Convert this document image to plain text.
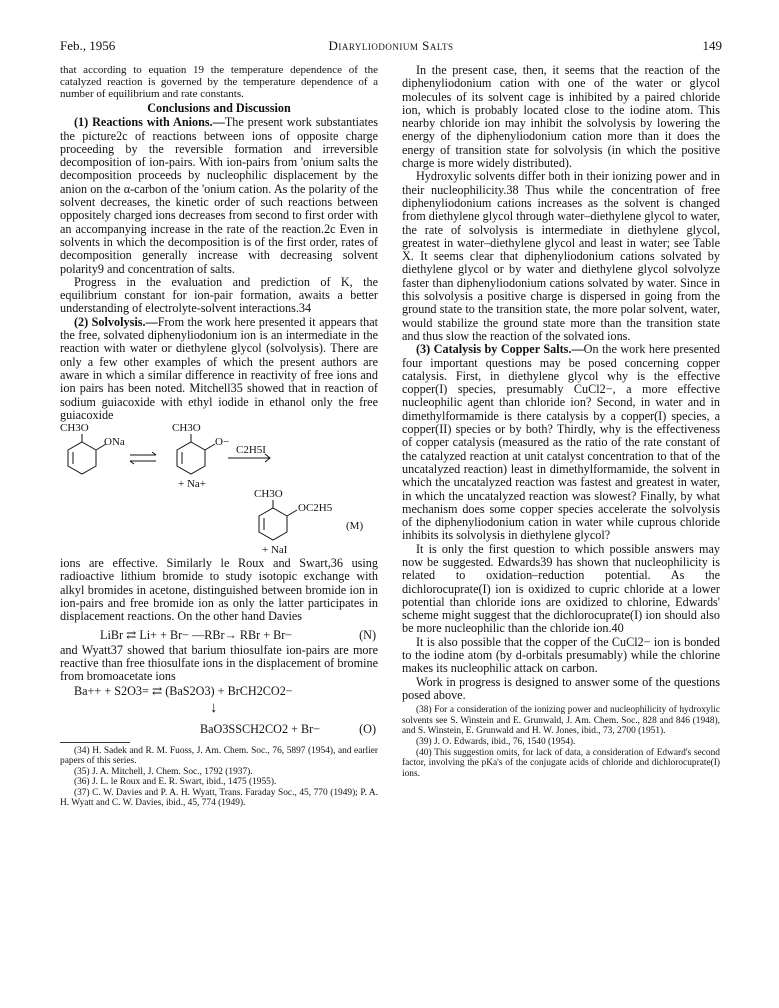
Feb., 1956	Diaryliodonium Salts	149

that according to equation 19 the temperature dependence of the catalyzed reaction is governed by the temperature dependence of a number of equilibrium and rate constants.

Conclusions and Discussion

(1) Reactions with Anions.—The present work substantiates the picture2c of reactions between ions of opposite charge proceeding by the reversible formation and irreversible decomposition of ion-pairs. With ion-pairs from 'onium salts the decomposition proceeds by nucleophilic displacement by the anion on the α-carbon of the 'onium cation. As the polarity of the solvent decreases, the kinetic order of such reactions between oppositely charged ions decreases from second to first order with an accompanying increase in the rate of the reaction.2c Even in solvents in which the decomposition is of the first order, rates of decomposition generally increase with decreasing solvent polarity9 and concentration of salts.

Progress in the evaluation and prediction of K, the equilibrium constant for ion-pair formation, awaits a better understanding of electrolyte-solvent interactions.34

(2) Solvolysis.—From the work here presented it appears that the free, solvated diphenyliodonium ion is an intermediate in the reaction with water or diethylene glycol (solvolysis). There are only a few other examples of which the present authors are aware in which a similar difference in reactivity of free ions and ion pairs has been noted. Mitchell35 showed that in reaction of sodium guiacoxide with ethyl iodide in ethanol only the free guiacoxide

CH3O
ONa
CH3O
O−
C2H5I
+ Na+
CH3O
OC2H5
(M)
+ NaI

ions are effective. Similarly le Roux and Swart,36 using radioactive lithium bromide to study isotopic exchange with alkyl bromides in acetone, distinguished between bromide ion in ion-pairs and free bromide ion as only the latter participates in displacement reactions. On the other hand Davies

LiBr ⇄ Li+ + Br− —RBr→ RBr + Br−	(N)

and Wyatt37 showed that barium thiosulfate ion-pairs are more reactive than free thiosulfate ions in the displacement of bromine from bromoacetate ions

Ba++ + S2O3= ⇄ (BaS2O3) + BrCH2CO2−
↓
BaO3SSCH2CO2 + Br−	(O)

(34) H. Sadek and R. M. Fuoss, J. Am. Chem. Soc., 76, 5897 (1954), and earlier papers of this series.

(35) J. A. Mitchell, J. Chem. Soc., 1792 (1937).

(36) J. L. le Roux and E. R. Swart, ibid., 1475 (1955).

(37) C. W. Davies and P. A. H. Wyatt, Trans. Faraday Soc., 45, 770 (1949); P. A. H. Wyatt and C. W. Davies, ibid., 45, 774 (1949).

In the present case, then, it seems that the reaction of the diphenyliodonium cation with one of the water or glycol molecules of its solvent cage is inhibited by a paired chloride ion, which is probably located close to the iodine atom. This nearby chloride ion may inhibit the solvolysis by lowering the energy of the diphenyliodonium cation more than it does the energy of transition state for solvolysis (in which the positive charge is more widely distributed).

Hydroxylic solvents differ both in their ionizing power and in their nucleophilicity.38 Thus while the concentration of free diphenyliodonium cations increases as the solvent is changed from diethylene glycol through water–diethylene glycol to water, the rate of solvolysis is intermediate in diethylene glycol, greatest in water–diethylene glycol and least in water; see Table X. It seems clear that diphenyliodonium cations solvated by diethylene glycol or by water and diethylene glycol solvolyze faster than diphenyliodonium cations solvated by water. Since in this solvolysis a positive charge is dispersed in going from the ground state to the transition state, the more polar solvent, water, would stabilize the ground state more than the transition state and thus slow the reaction of the solvated ions.

(3) Catalysis by Copper Salts.—On the work here presented four important questions may be posed concerning copper catalysis. First, in diethylene glycol why is the effective copper(I) species, presumably CuCl2−, a more effective nucleophilic agent than chloride ion? Second, in water and in dimethylformamide is there catalysis by a copper(I) species, a copper(II) species or by both? Thirdly, why is the effectiveness of copper catalysis (measured as the ratio of the rate constant of the catalyzed reaction at unit catalyst concentration to that of the uncatalyzed reaction) least in dimethylformamide, the solvent in which the uncatalyzed reaction was fastest and greatest in water, in which the uncatalyzed reaction was slowest? Finally, by what mechanism does some copper species accelerate the solvolysis of the diphenyliodonium cation in water while cuprous chloride inhibits its solvolysis in diethylene glycol?

It is only the first question to which possible answers may now be suggested. Edwards39 has shown that nucleophilicity is related to oxidation–reduction potential. As the dichlorocuprate(I) ion is oxidized to cupric chloride at a lower potential than chloride ions are oxidized to chlorine, Edwards' scheme might suggest that the dichlorocuprate(I) ion should also be more nucleophilic than the chloride ion.40

It is also possible that the copper of the CuCl2− ion is bonded to the iodine atom (by d-orbitals presumably) while the chlorine makes its nucleophilic attack on carbon.

Work in progress is designed to answer some of the questions posed above.

(38) For a consideration of the ionizing power and nucleophilicity of hydroxylic solvents see S. Winstein and E. Grunwald, J. Am. Chem. Soc., 828 and 846 (1948), and S. Winstein, E. Grunwald and H. W. Jones, ibid., 73, 2700 (1951).

(39) J. O. Edwards, ibid., 76, 1540 (1954).

(40) This suggestion omits, for lack of data, a consideration of Edward's second factor, involving the pKa's of the conjugate acids of chloride and dichlorocuprate(I) ions.
